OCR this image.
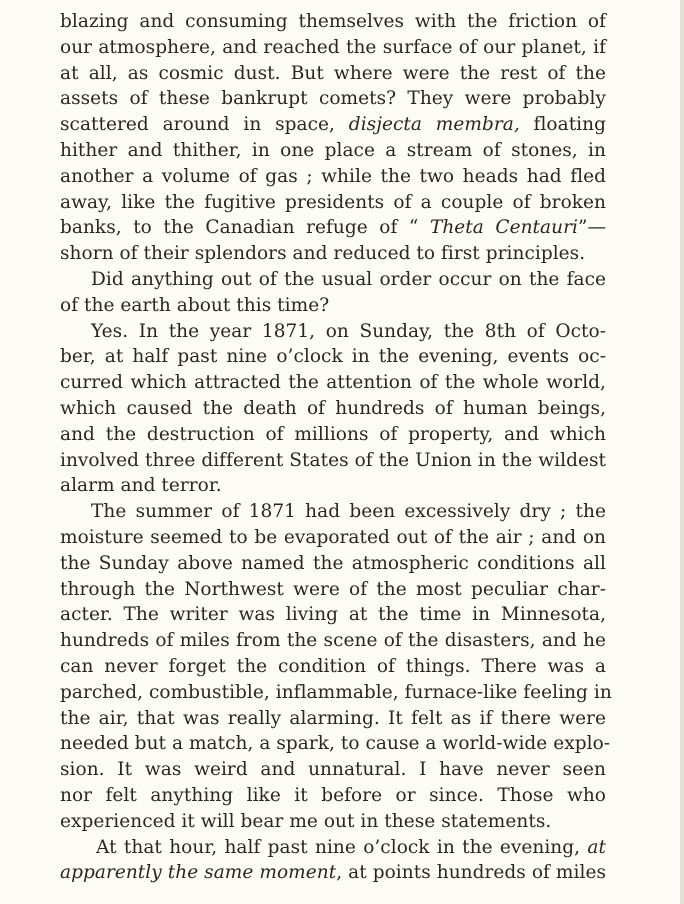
blazing and consuming themselves with the friction of
our atmosphere, and reached the surface of our planet, if
at all, as cosmic dust. But where were the rest of the
assets of these bankrupt comets? They were probably
scattered around in space, disjecta membra, floating
hither and thither, in one place a stream of stones, in
another a volume of gas ; while the two heads had fled
away, like the fugitive presidents of a couple of broken
banks, to the Canadian refuge of “ Theta Centauri”—
shorn of their splendors and reduced to first principles.
Did anything out of the usual order occur on the face
of the earth about this time?
Yes. In the year 1871, on Sunday, the 8th of Octo-
ber, at half past nine o’clock in the evening, events oc-
curred which attracted the attention of the whole world,
which caused the death of hundreds of human beings,
and the destruction of millions of property, and which
involved three different States of the Union in the wildest
alarm and terror.
The summer of 1871 had been excessively dry ; the
moisture seemed to be evaporated out of the air ; and on
the Sunday above named the atmospheric conditions all
through the Northwest were of the most peculiar char-
acter. The writer was living at the time in Minnesota,
hundreds of miles from the scene of the disasters, and he
can never forget the condition of things. There was a
parched, combustible, inflammable, furnace-like feeling in
the air, that was really alarming. It felt as if there were
needed but a match, a spark, to cause a world-wide explo-
sion. It was weird and unnatural. I have never seen
nor felt anything like it before or since. Those who
experienced it will bear me out in these statements.
At that hour, half past nine o’clock in the evening, at
apparently the same moment, at points hundreds of miles
